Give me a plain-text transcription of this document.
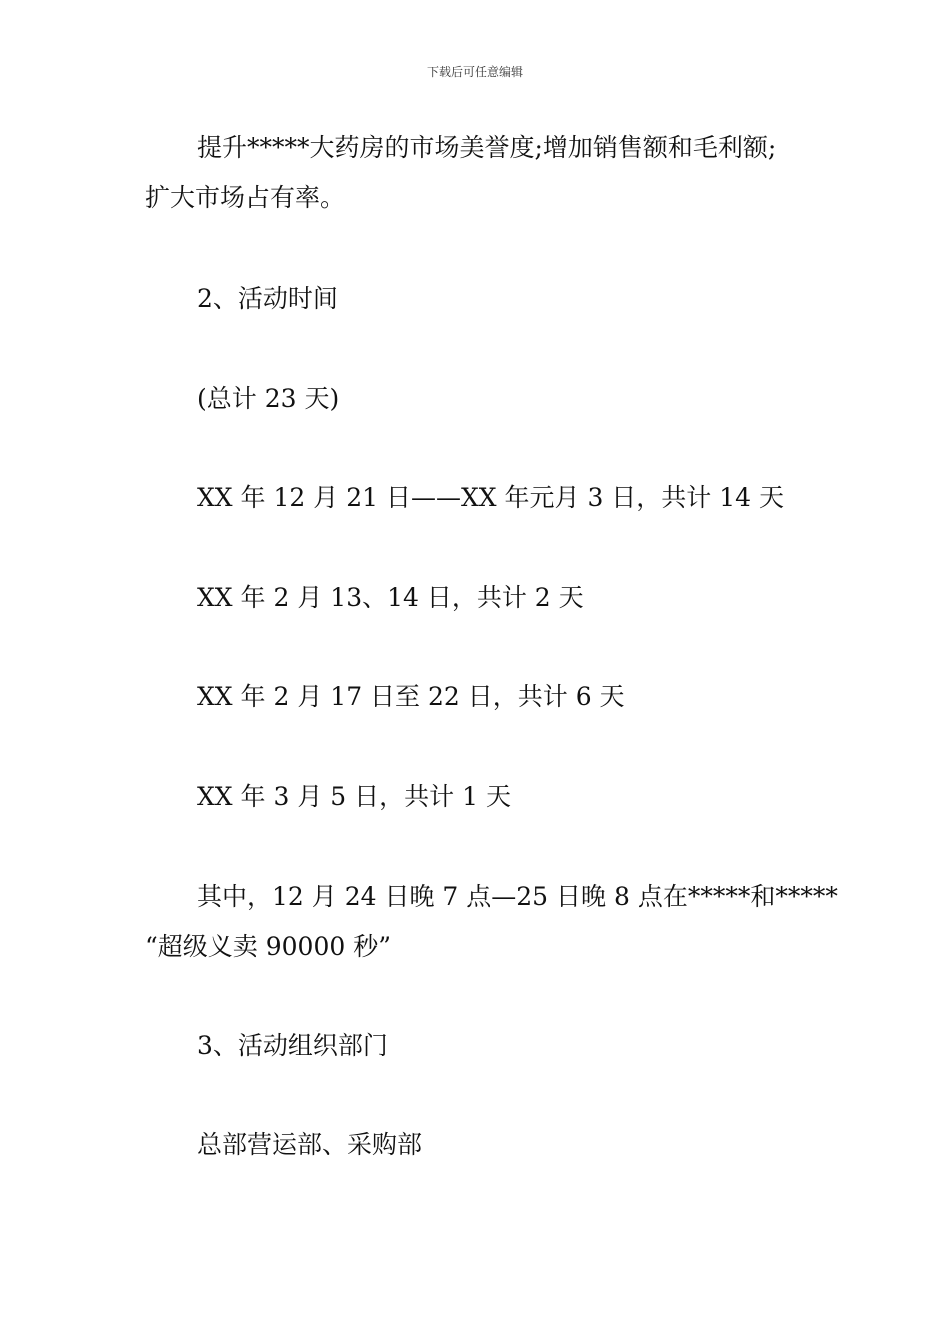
下载后可任意编辑
提升*****大药房的市场美誉度;增加销售额和毛利额;
扩大市场占有率。
2、活动时间
(总计 23 天)
XX 年 12 月 21 日——XX 年元月 3 日，共计 14 天
XX 年 2 月 13、14 日，共计 2 天
XX 年 2 月 17 日至 22 日，共计 6 天
XX 年 3 月 5 日，共计 1 天
其中，12 月 24 日晚 7 点—25 日晚 8 点在*****和*****
“超级义卖 90000 秒”
3、活动组织部门
总部营运部、采购部
